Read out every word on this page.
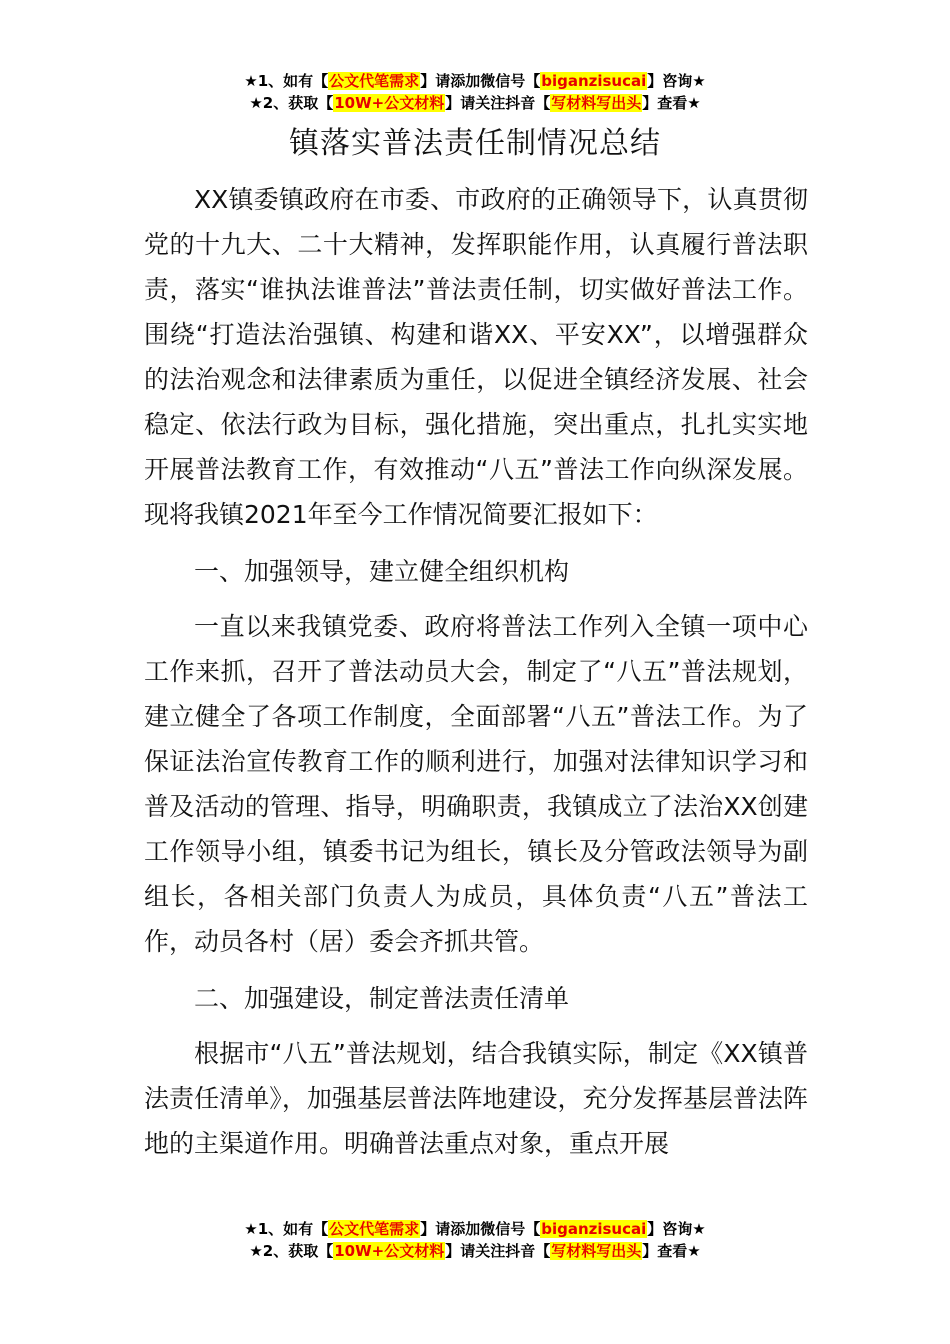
★1、如有【公文代笔需求】请添加微信号【biganzisucai】咨询★
★2、获取【10W+公文材料】请关注抖音【写材料写出头】查看★
镇落实普法责任制情况总结

XX镇委镇政府在市委、市政府的正确领导下，认真贯彻党的十九大、二十大精神，发挥职能作用，认真履行普法职责，落实“谁执法谁普法”普法责任制，切实做好普法工作。围绕“打造法治强镇、构建和谐XX、平安XX”，以增强群众的法治观念和法律素质为重任，以促进全镇经济发展、社会稳定、依法行政为目标，强化措施，突出重点，扎扎实实地开展普法教育工作，有效推动“八五”普法工作向纵深发展。现将我镇2021年至今工作情况简要汇报如下：

一、加强领导，建立健全组织机构

一直以来我镇党委、政府将普法工作列入全镇一项中心工作来抓，召开了普法动员大会，制定了“八五”普法规划，建立健全了各项工作制度，全面部署“八五”普法工作。为了保证法治宣传教育工作的顺利进行，加强对法律知识学习和普及活动的管理、指导，明确职责，我镇成立了法治XX创建工作领导小组，镇委书记为组长，镇长及分管政法领导为副组长，各相关部门负责人为成员，具体负责“八五”普法工作，动员各村（居）委会齐抓共管。

二、加强建设，制定普法责任清单

根据市“八五”普法规划，结合我镇实际，制定《XX镇普法责任清单》，加强基层普法阵地建设，充分发挥基层普法阵地的主渠道作用。明确普法重点对象，重点开展

★1、如有【公文代笔需求】请添加微信号【biganzisucai】咨询★
★2、获取【10W+公文材料】请关注抖音【写材料写出头】查看★
